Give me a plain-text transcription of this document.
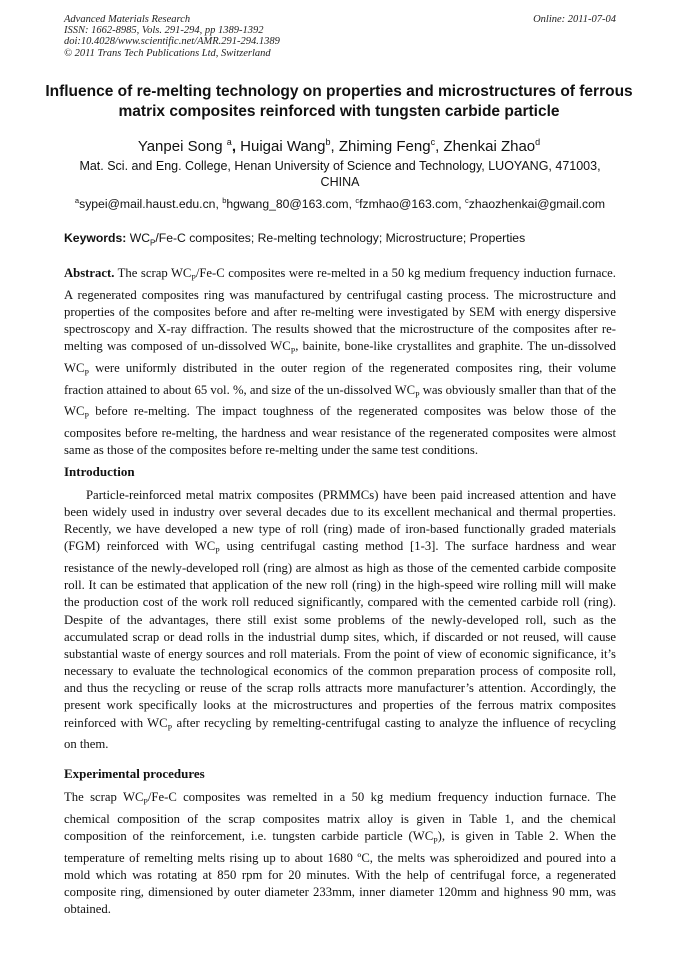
Advanced Materials Research
ISSN: 1662-8985, Vols. 291-294, pp 1389-1392
doi:10.4028/www.scientific.net/AMR.291-294.1389
© 2011 Trans Tech Publications Ltd, Switzerland
Online: 2011-07-04
Influence of re-melting technology on properties and microstructures of ferrous matrix composites reinforced with tungsten carbide particle
Yanpei Song $^a$, Huigai Wang$^b$, Zhiming Feng$^c$, Zhenkai Zhao$^d$
Mat. Sci. and Eng. College, Henan University of Science and Technology, LUOYANG, 471003, CHINA
$^a$sypei@mail.haust.edu.cn, $^b$hgwang_80@163.com, $^c$fzmhao@163.com, $^c$zhaozhenkai@gmail.com
Keywords: $WC_P/Fe-C$ composites; Re-melting technology; Microstructure; Properties

Abstract. The scrap $WC_P/Fe-C$ composites were re-melted in a 50 kg medium frequency induction furnace. A regenerated composites ring was manufactured by centrifugal casting process. The microstructure and properties of the composites before and after re-melting were investigated by SEM with energy dispersive spectroscopy and X-ray diffraction. The results showed that the microstructure of the composites after re-melting was composed of un-dissolved $WC_P$, bainite, bone-like crystallites and graphite. The un-dissolved $WC_P$ were uniformly distributed in the outer region of the regenerated composites ring, their volume fraction attained to about 65 vol. %, and size of the un-dissolved $WC_P$ was obviously smaller than that of the $WC_P$ before re-melting. The impact toughness of the regenerated composites was below those of the composites before re-melting, the hardness and wear resistance of the regenerated composites were almost same as those of the composites before re-melting under the same test conditions.

Introduction

Particle-reinforced metal matrix composites (PRMMCs) have been paid increased attention and have been widely used in industry over several decades due to its excellent mechanical and thermal properties. Recently, we have developed a new type of roll (ring) made of iron-based functionally graded materials (FGM) reinforced with $WC_P$ using centrifugal casting method [1-3]. The surface hardness and wear resistance of the newly-developed roll (ring) are almost as high as those of the cemented carbide composite roll. It can be estimated that application of the new roll (ring) in the high-speed wire rolling mill will make the production cost of the work roll reduced significantly, compared with the cemented carbide roll (ring). Despite of the advantages, there still exist some problems of the newly-developed roll, such as the accumulated scrap or dead rolls in the industrial dump sites, which, if discarded or not reused, will cause substantial waste of energy sources and roll materials. From the point of view of economic significance, it’s necessary to evaluate the technological economics of the common preparation process of composite roll, and thus the recycling or reuse of the scrap rolls attracts more manufacturer’s attention. Accordingly, the present work specifically looks at the microstructures and properties of the ferrous matrix composites reinforced with $WC_P$ after recycling by remelting-centrifugal casting to analyze the influence of recycling on them.

Experimental procedures

The scrap $WC_P/Fe-C$ composites was remelted in a 50 kg medium frequency induction furnace. The chemical composition of the scrap composites matrix alloy is given in Table 1, and the chemical composition of the reinforcement, i.e. tungsten carbide particle $(WC_P)$, is given in Table 2. When the temperature of remelting melts rising up to about 1680 ºC, the melts was spheroidized and poured into a mold which was rotating at 850 rpm for 20 minutes. With the help of centrifugal force, a regenerated composite ring, dimensioned by outer diameter 233mm, inner diameter 120mm and highness 90 mm, was obtained.
